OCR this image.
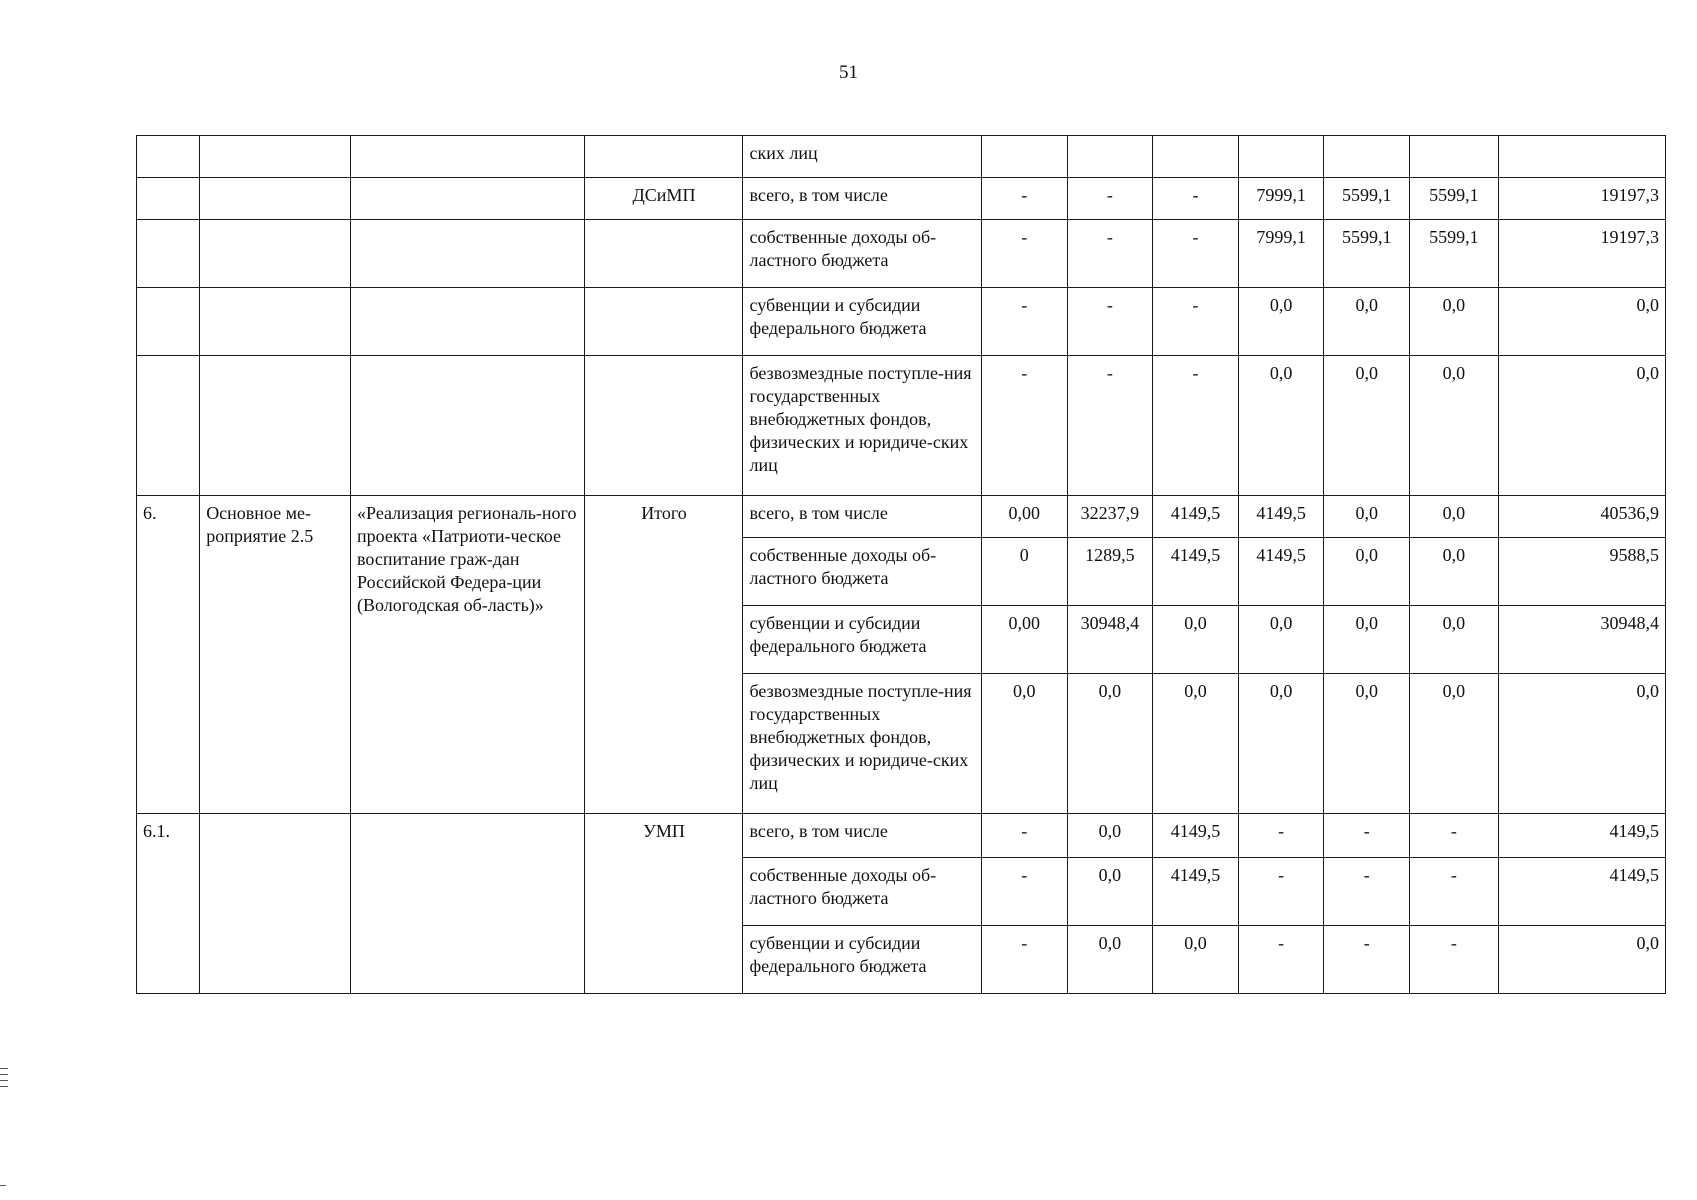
51
				ских лиц							
			ДСиМП	всего, в том числе	-	-	-	7999,1	5599,1	5599,1	19197,3
				собственные доходы об-ластного бюджета	-	-	-	7999,1	5599,1	5599,1	19197,3
				субвенции и субсидии федерального бюджета	-	-	-	0,0	0,0	0,0	0,0
				безвозмездные поступле-ния государственных внебюджетных фондов, физических и юридиче-ских лиц	-	-	-	0,0	0,0	0,0	0,0
6.	Основное ме-роприятие 2.5	«Реализация региональ-ного проекта «Патриоти-ческое воспитание граж-дан Российской Федера-ции (Вологодская об-ласть)»	Итого	всего, в том числе	0,00	32237,9	4149,5	4149,5	0,0	0,0	40536,9
				собственные доходы об-ластного бюджета	0	1289,5	4149,5	4149,5	0,0	0,0	9588,5
				субвенции и субсидии федерального бюджета	0,00	30948,4	0,0	0,0	0,0	0,0	30948,4
				безвозмездные поступле-ния государственных внебюджетных фондов, физических и юридиче-ских лиц	0,0	0,0	0,0	0,0	0,0	0,0	0,0
6.1.			УМП	всего, в том числе	-	0,0	4149,5	-	-	-	4149,5
				собственные доходы об-ластного бюджета	-	0,0	4149,5	-	-	-	4149,5
				субвенции и субсидии федерального бюджета	-	0,0	0,0	-	-	-	0,0
